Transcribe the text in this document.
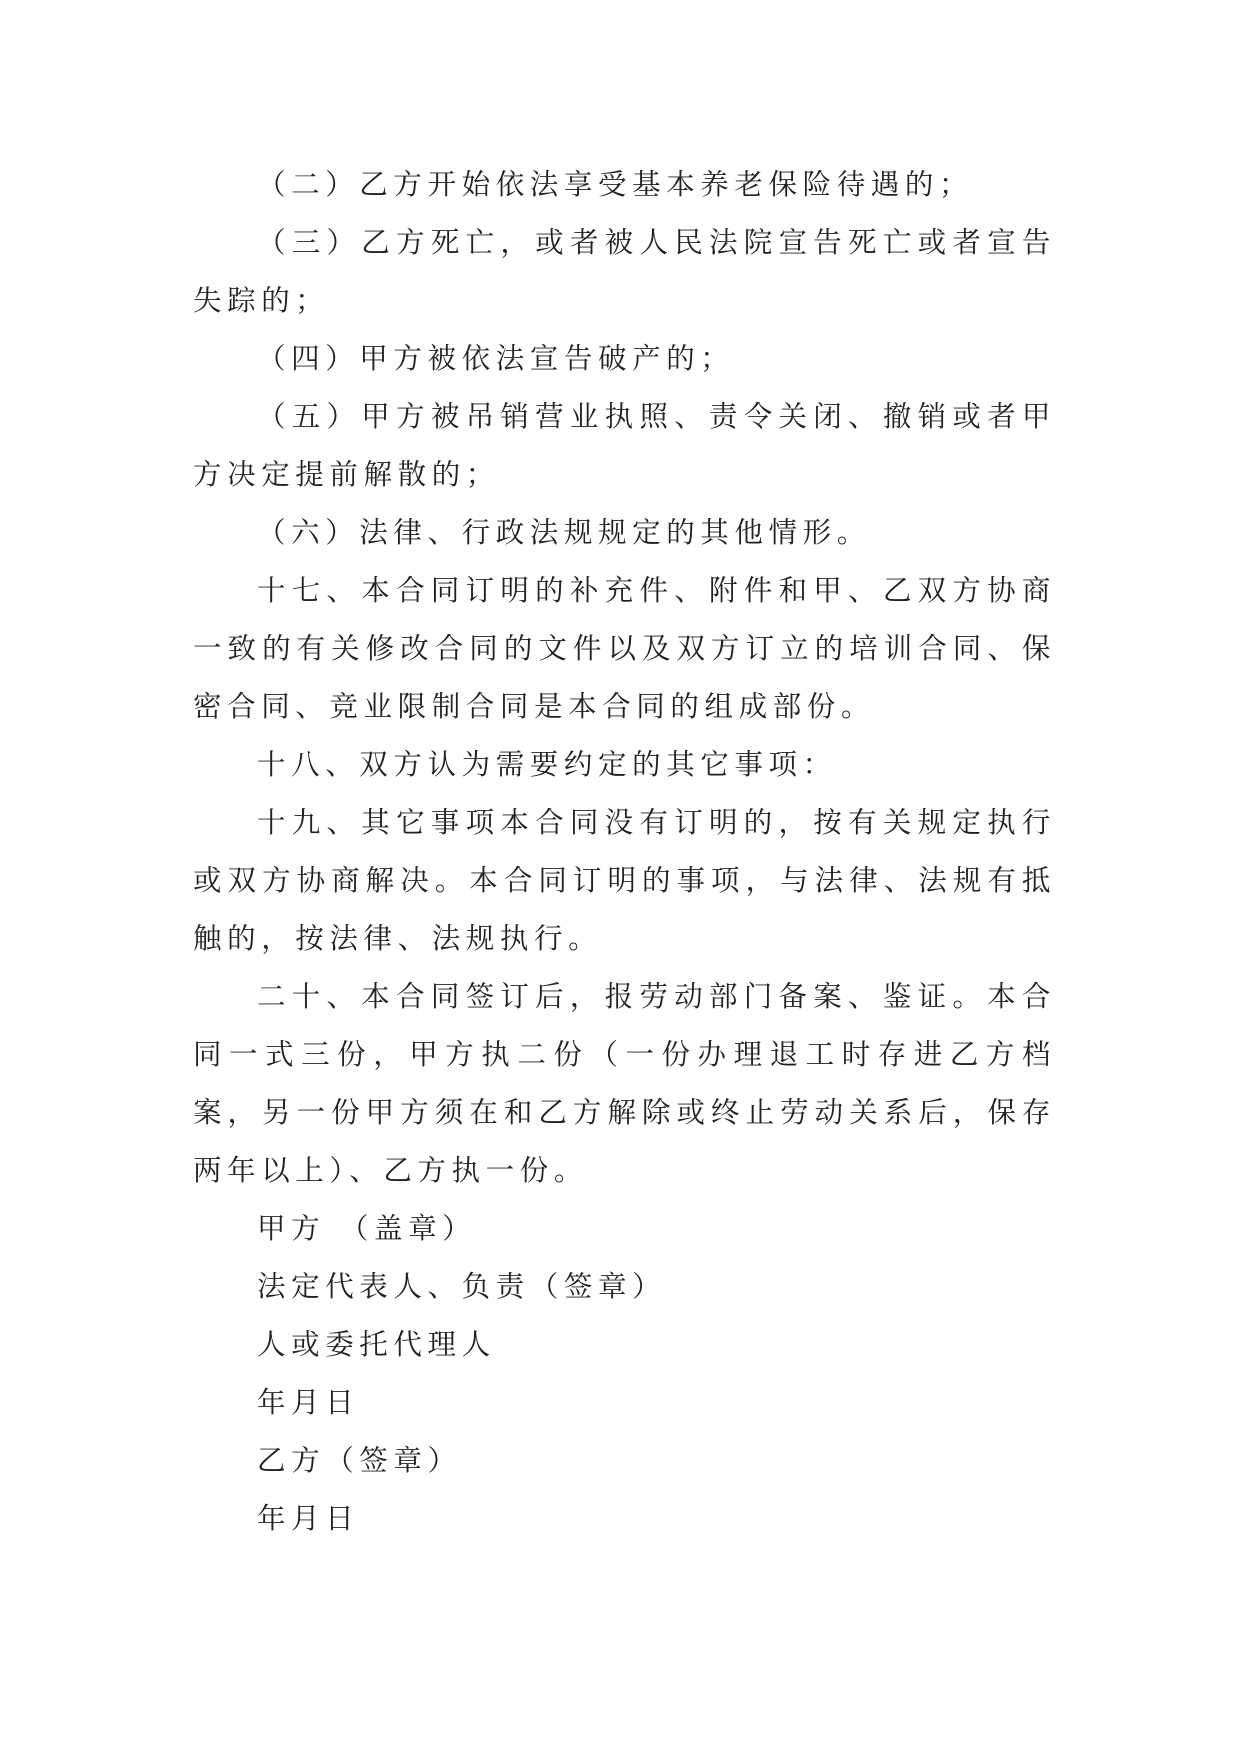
（二）乙方开始依法享受基本养老保险待遇的；

（三）乙方死亡，或者被人民法院宣告死亡或者宣告失踪的；

（四）甲方被依法宣告破产的；

（五）甲方被吊销营业执照、责令关闭、撤销或者甲方决定提前解散的；

（六）法律、行政法规规定的其他情形。

十七、本合同订明的补充件、附件和甲、乙双方协商一致的有关修改合同的文件以及双方订立的培训合同、保密合同、竞业限制合同是本合同的组成部份。

十八、双方认为需要约定的其它事项：

十九、其它事项本合同没有订明的，按有关规定执行或双方协商解决。本合同订明的事项，与法律、法规有抵触的，按法律、法规执行。

二十、本合同签订后，报劳动部门备案、鉴证。本合同一式三份，甲方执二份（一份办理退工时存进乙方档案，另一份甲方须在和乙方解除或终止劳动关系后，保存两年以上）、乙方执一份。

甲方 （盖章）
法定代表人、负责（签章）
人或委托代理人
年月日
乙方（签章）
年月日
